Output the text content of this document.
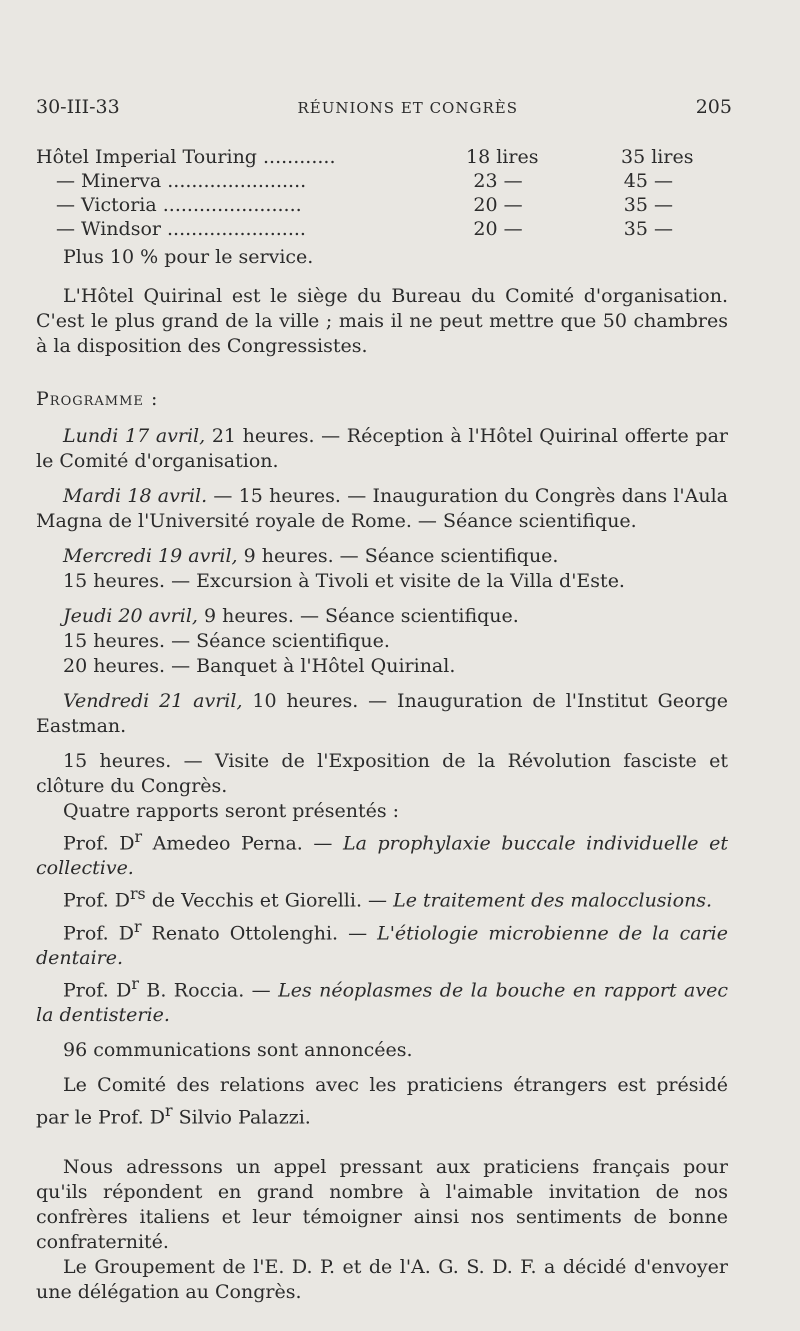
30-III-33	RÉUNIONS ET CONGRÈS	205
Hôtel Imperial Touring ............	18 lires	35 lires
— Minerva .......................	23 —	45 —
— Victoria .......................	20 —	35 —
— Windsor .......................	20 —	35 —

Plus 10 % pour le service.

L'Hôtel Quirinal est le siège du Bureau du Comité d'organisation. C'est le plus grand de la ville ; mais il ne peut mettre que 50 chambres à la disposition des Congressistes.

Programme :

Lundi 17 avril, 21 heures. — Réception à l'Hôtel Quirinal offerte par le Comité d'organisation.

Mardi 18 avril. — 15 heures. — Inauguration du Congrès dans l'Aula Magna de l'Université royale de Rome. — Séance scientifique.

Mercredi 19 avril, 9 heures. — Séance scientifique.

15 heures. — Excursion à Tivoli et visite de la Villa d'Este.

Jeudi 20 avril, 9 heures. — Séance scientifique.

15 heures. — Séance scientifique.

20 heures. — Banquet à l'Hôtel Quirinal.

Vendredi 21 avril, 10 heures. — Inauguration de l'Institut George Eastman.

15 heures. — Visite de l'Exposition de la Révolution fasciste et clôture du Congrès.

Quatre rapports seront présentés :

Prof. $D^r$ Amedeo Perna. — La prophylaxie buccale individuelle et collective.

Prof. $D^{rs}$ de Vecchis et Giorelli. — Le traitement des malocclusions.

Prof. $D^r$ Renato Ottolenghi. — L'étiologie microbienne de la carie dentaire.

Prof. $D^r$ B. Roccia. — Les néoplasmes de la bouche en rapport avec la dentisterie.

96 communications sont annoncées.

Le Comité des relations avec les praticiens étrangers est présidé par le Prof. $D^r$ Silvio Palazzi.

Nous adressons un appel pressant aux praticiens français pour qu'ils répondent en grand nombre à l'aimable invitation de nos confrères italiens et leur témoigner ainsi nos sentiments de bonne confraternité.

Le Groupement de l'E. D. P. et de l'A. G. S. D. F. a décidé d'envoyer une délégation au Congrès.
